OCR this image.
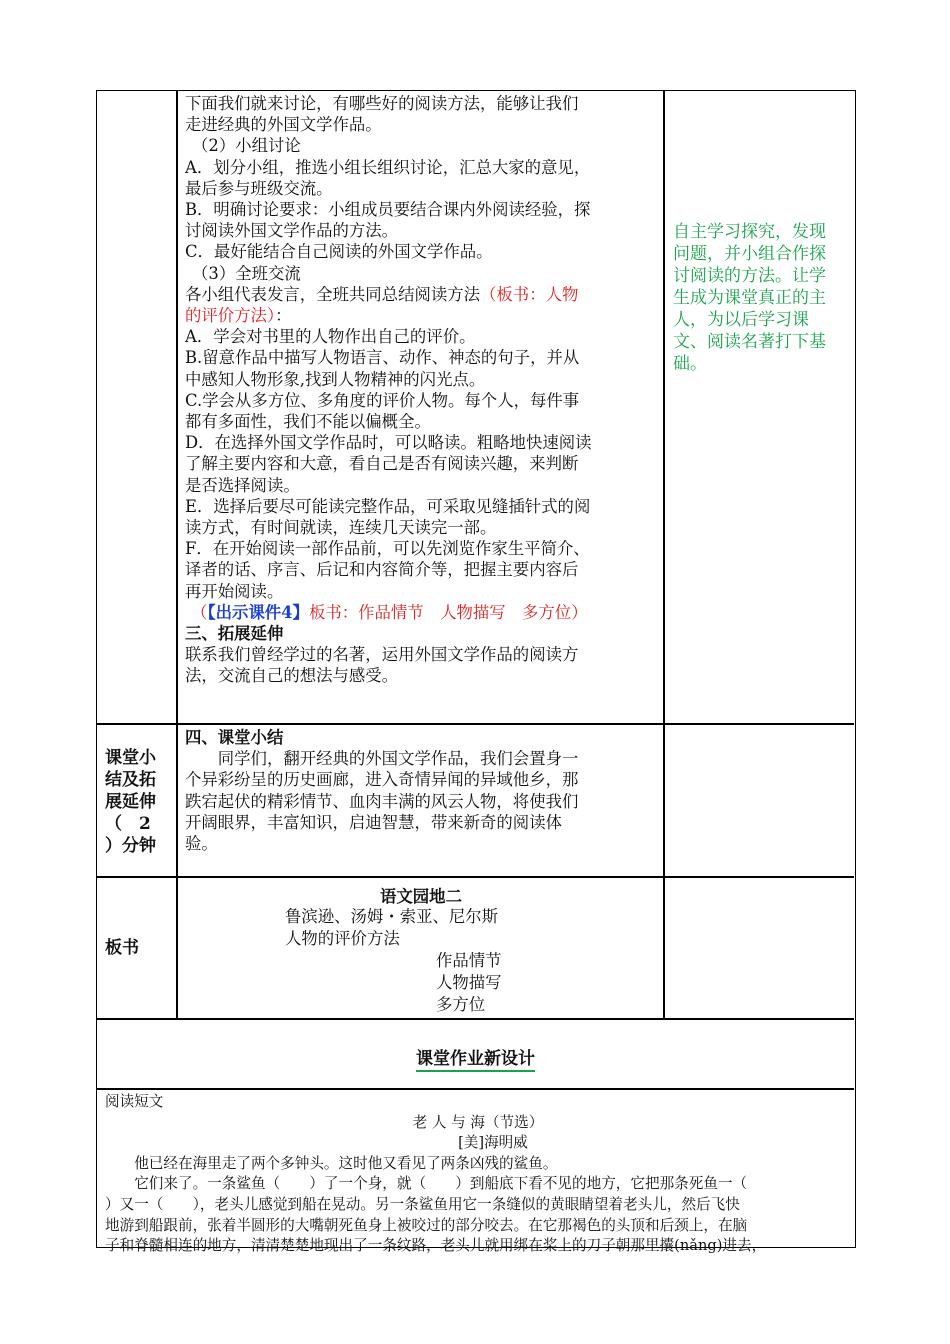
下面我们就来讨论，有哪些好的阅读方法，能够让我们

走进经典的外国文学作品。

（2）小组讨论

A．划分小组，推选小组长组织讨论，汇总大家的意见，

最后参与班级交流。

B．明确讨论要求：小组成员要结合课内外阅读经验，探

讨阅读外国文学作品的方法。

C．最好能结合自己阅读的外国文学作品。

（3）全班交流

各小组代表发言，全班共同总结阅读方法（板书：人物

的评价方法）：

A．学会对书里的人物作出自己的评价。

B.留意作品中描写人物语言、动作、神态的句子，并从

中感知人物形象,找到人物精神的闪光点。

C.学会从多方位、多角度的评价人物。每个人，每件事

都有多面性，我们不能以偏概全。

D．在选择外国文学作品时，可以略读。粗略地快速阅读

了解主要内容和大意，看自己是否有阅读兴趣，来判断

是否选择阅读。

E．选择后要尽可能读完整作品，可采取见缝插针式的阅

读方式，有时间就读，连续几天读完一部。

F．在开始阅读一部作品前，可以先浏览作家生平简介、

译者的话、序言、后记和内容简介等，把握主要内容后

再开始阅读。

（【出示课件4】板书：作品情节　人物描写　多方位）

三、拓展延伸

联系我们曾经学过的名著，运用外国文学作品的阅读方

法，交流自己的想法与感受。

自主学习探究，发现
问题，并小组合作探
讨阅读的方法。让学
生成为课堂真正的主
人，为以后学习课
文、阅读名著打下基
础。
课堂小
结及拓
展延伸
（　2
）分钟

四、课堂小结

　　同学们，翻开经典的外国文学作品，我们会置身一

个异彩纷呈的历史画廊，进入奇情异闻的异域他乡，那

跌宕起伏的精彩情节、血肉丰满的风云人物，将使我们

开阔眼界，丰富知识，启迪智慧，带来新奇的阅读体

验。

板书
语文园地二
鲁滨逊、汤姆・索亚、尼尔斯
人物的评价方法
作品情节
人物描写
多方位
课堂作业新设计
阅读短文
老 人 与 海（节选）
[美]海明威
　　他已经在海里走了两个多钟头。这时他又看见了两条凶残的鲨鱼。
　　它们来了。一条鲨鱼（　　）了一个身，就（　　）到船底下看不见的地方，它把那条死鱼一（
）又一（　　），老头儿感觉到船在晃动。另一条鲨鱼用它一条缝似的黄眼睛望着老头儿，然后飞快
地游到船跟前，张着半圆形的大嘴朝死鱼身上被咬过的部分咬去。在它那褐色的头顶和后颈上，在脑
子和脊髓相连的地方，清清楚楚地现出了一条纹路，老头儿就用绑在桨上的刀子朝那里攮(nǎng)进去，
